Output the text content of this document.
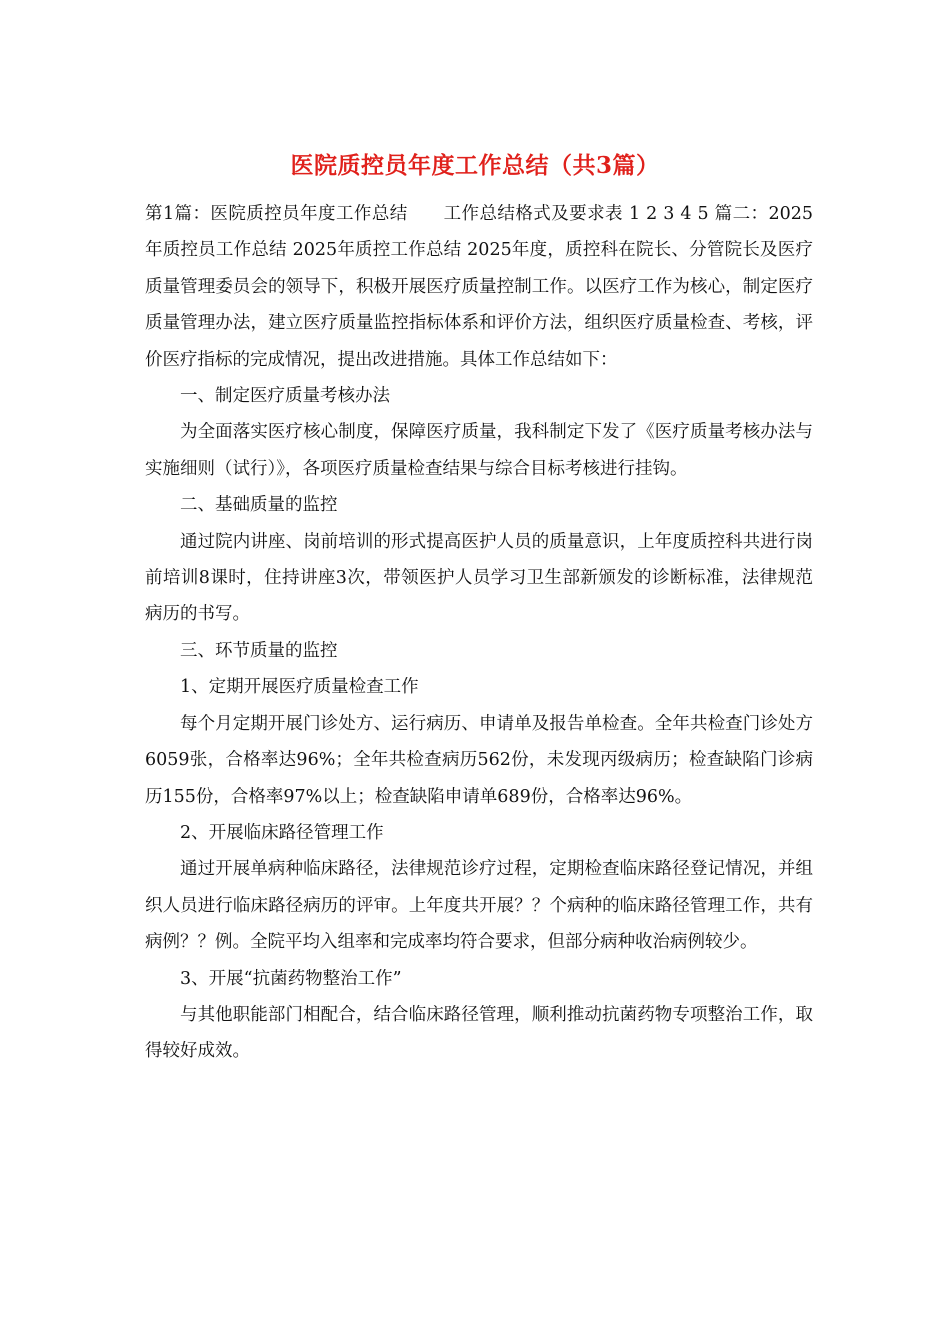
医院质控员年度工作总结（共3篇）

第1篇：医院质控员年度工作总结　　工作总结格式及要求表 1 2 3 4 5 篇二：2025年质控员工作总结 2025年质控工作总结 2025年度，质控科在院长、分管院长及医疗质量管理委员会的领导下，积极开展医疗质量控制工作。以医疗工作为核心，制定医疗质量管理办法，建立医疗质量监控指标体系和评价方法，组织医疗质量检查、考核，评价医疗指标的完成情况，提出改进措施。具体工作总结如下：

一、制定医疗质量考核办法

为全面落实医疗核心制度，保障医疗质量，我科制定下发了《医疗质量考核办法与实施细则（试行）》，各项医疗质量检查结果与综合目标考核进行挂钩。

二、基础质量的监控

通过院内讲座、岗前培训的形式提高医护人员的质量意识，上年度质控科共进行岗前培训8课时，住持讲座3次，带领医护人员学习卫生部新颁发的诊断标准，法律规范病历的书写。

三、环节质量的监控

1、定期开展医疗质量检查工作

每个月定期开展门诊处方、运行病历、申请单及报告单检查。全年共检查门诊处方6059张，合格率达96%；全年共检查病历562份，未发现丙级病历；检查缺陷门诊病历155份，合格率97%以上；检查缺陷申请单689份，合格率达96%。

2、开展临床路径管理工作

通过开展单病种临床路径，法律规范诊疗过程，定期检查临床路径登记情况，并组织人员进行临床路径病历的评审。上年度共开展？？个病种的临床路径管理工作，共有病例？？例。全院平均入组率和完成率均符合要求，但部分病种收治病例较少。

3、开展“抗菌药物整治工作”

与其他职能部门相配合，结合临床路径管理，顺利推动抗菌药物专项整治工作，取得较好成效。
